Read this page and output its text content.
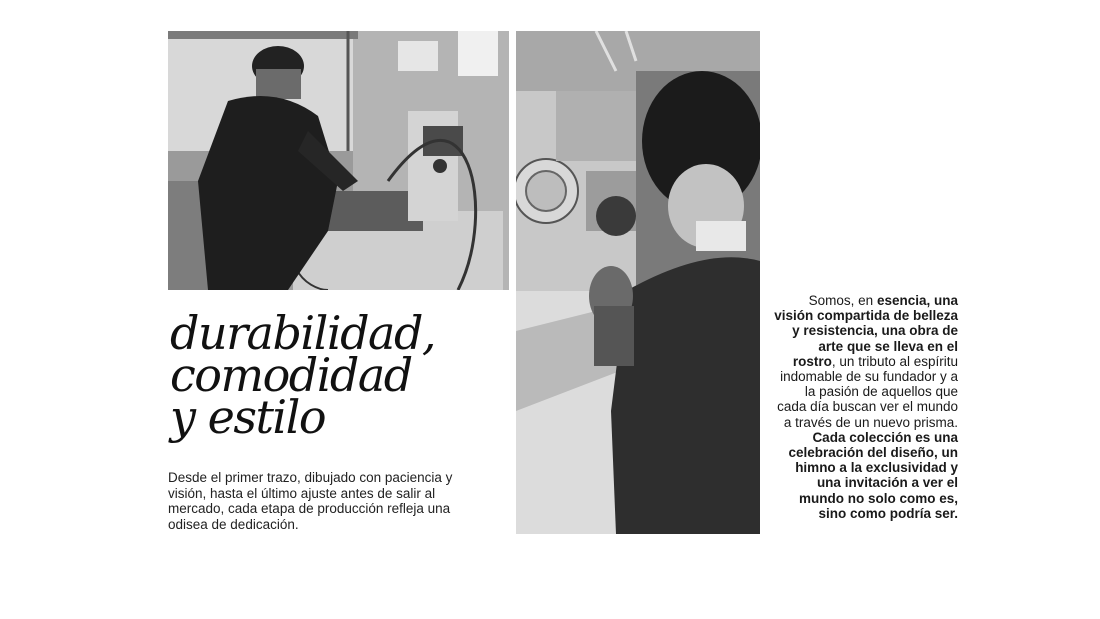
durabilidad,
comodidad
y estilo

Desde el primer trazo, dibujado con paciencia y visión, hasta el último ajuste antes de salir al mercado, cada etapa de producción refleja una odisea de dedicación.

Somos, en esencia, una visión compartida de belleza y resistencia, una obra de arte que se lleva en el rostro, un tributo al espíritu indomable de su fundador y a la pasión de aquellos que cada día buscan ver el mundo a través de un nuevo prisma. Cada colección es una celebración del diseño, un himno a la exclusividad y una invitación a ver el mundo no solo como es, sino como podría ser.
